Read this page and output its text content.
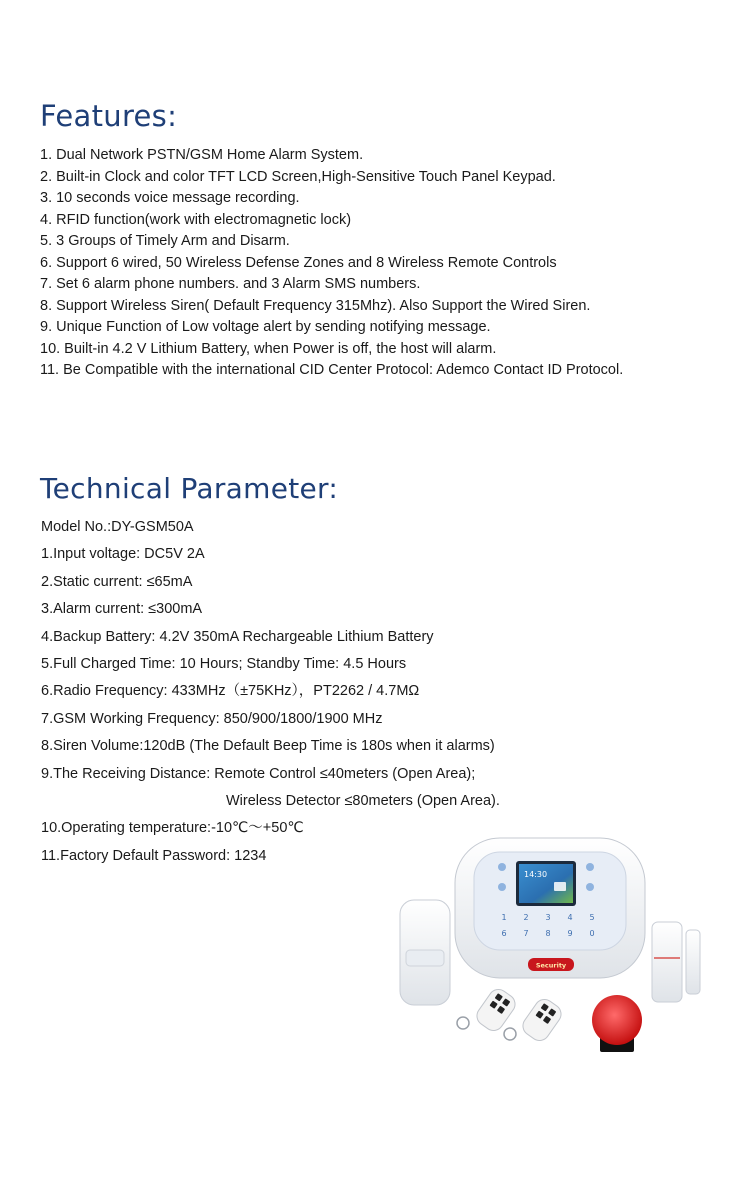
Features:
1. Dual Network PSTN/GSM Home Alarm System.
2. Built-in Clock and color TFT LCD Screen,High-Sensitive Touch Panel Keypad.
3. 10 seconds voice message recording.
4. RFID function(work with electromagnetic lock)
5. 3 Groups of Timely Arm and Disarm.
6. Support 6 wired, 50 Wireless Defense Zones and 8 Wireless Remote Controls
7. Set 6 alarm phone numbers. and 3 Alarm SMS numbers.
8. Support Wireless Siren( Default Frequency 315Mhz). Also Support the Wired Siren.
9. Unique Function of Low voltage alert by sending notifying message.
10. Built-in 4.2 V Lithium Battery, when Power is off, the host will alarm.
11. Be Compatible with the international CID Center Protocol: Ademco Contact ID Protocol.
Technical Parameter:
Model No.:DY-GSM50A
1.Input voltage: DC5V 2A
2.Static current: ≤65mA
3.Alarm current: ≤300mA
4.Backup Battery: 4.2V 350mA Rechargeable Lithium Battery
5.Full Charged Time: 10 Hours; Standby Time: 4.5 Hours
6.Radio Frequency: 433MHz（±75KHz），PT2262 / 4.7MΩ
7.GSM Working Frequency: 850/900/1800/1900 MHz
8.Siren Volume:120dB (The Default Beep Time is 180s when it alarms)
9.The Receiving Distance: Remote Control ≤40meters (Open Area);
Wireless Detector ≤80meters (Open Area).
10.Operating temperature:-10℃～+50℃
11.Factory Default Password: 1234
14:30
1 2 3 4 5
6 7 8 9 0
Security
